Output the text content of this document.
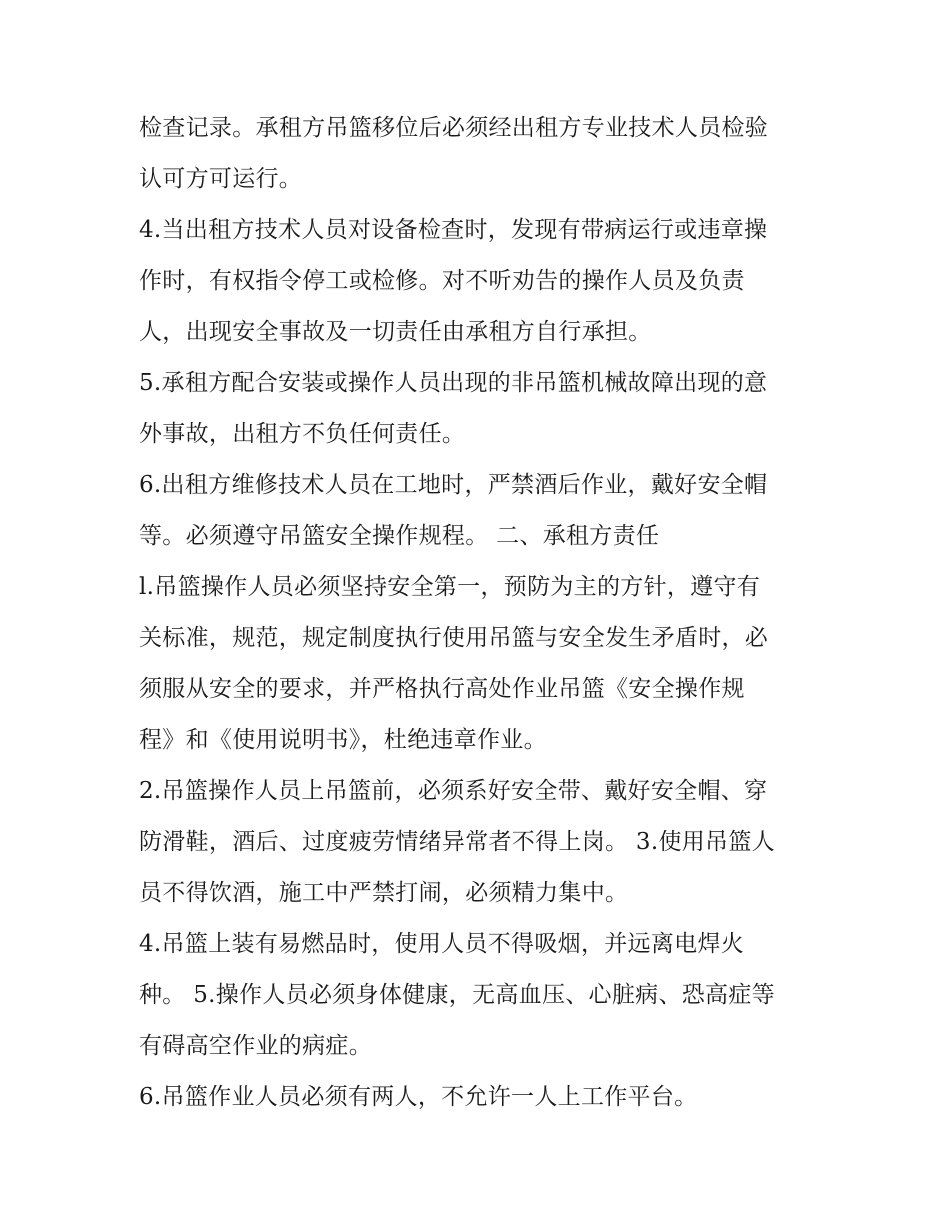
检查记录。承租方吊篮移位后必须经出租方专业技术人员检验
认可方可运行。
4.当出租方技术人员对设备检查时，发现有带病运行或违章操
作时，有权指令停工或检修。对不听劝告的操作人员及负责
人，出现安全事故及一切责任由承租方自行承担。
5.承租方配合安装或操作人员出现的非吊篮机械故障出现的意
外事故，出租方不负任何责任。
6.出租方维修技术人员在工地时，严禁酒后作业，戴好安全帽
等。必须遵守吊篮安全操作规程。 二、承租方责任
l.吊篮操作人员必须坚持安全第一，预防为主的方针，遵守有
关标准，规范，规定制度执行使用吊篮与安全发生矛盾时，必
须服从安全的要求，并严格执行高处作业吊篮《安全操作规
程》和《使用说明书》，杜绝违章作业。
2.吊篮操作人员上吊篮前，必须系好安全带、戴好安全帽、穿
防滑鞋，酒后、过度疲劳情绪异常者不得上岗。 3.使用吊篮人
员不得饮酒，施工中严禁打闹，必须精力集中。
4.吊篮上装有易燃品时，使用人员不得吸烟，并远离电焊火
种。 5.操作人员必须身体健康，无高血压、心脏病、恐高症等
有碍高空作业的病症。
6.吊篮作业人员必须有两人，不允许一人上工作平台。
